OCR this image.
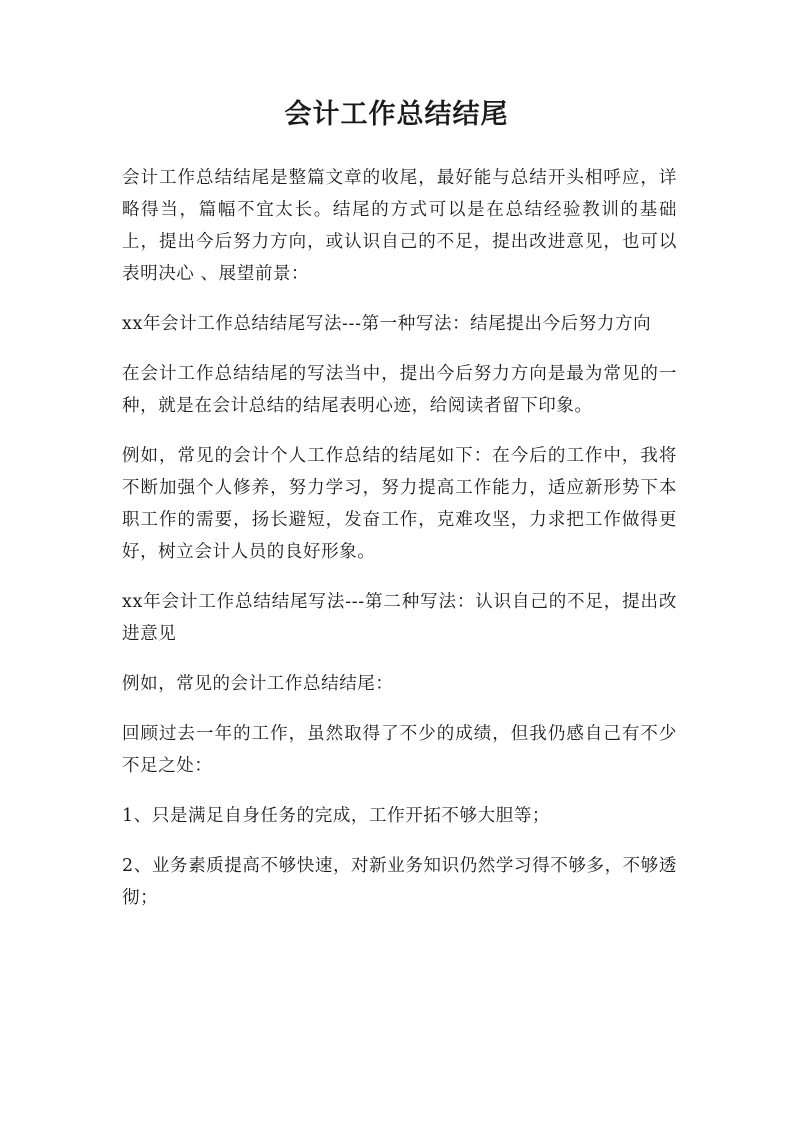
会计工作总结结尾

会计工作总结结尾是整篇文章的收尾，最好能与总结开头相呼应，详略得当，篇幅不宜太长。结尾的方式可以是在总结经验教训的基础上，提出今后努力方向，或认识自己的不足，提出改进意见，也可以表明决心 、展望前景：

xx年会计工作总结结尾写法---第一种写法：结尾提出今后努力方向

在会计工作总结结尾的写法当中，提出今后努力方向是最为常见的一种，就是在会计总结的结尾表明心迹，给阅读者留下印象。

例如，常见的会计个人工作总结的结尾如下：在今后的工作中，我将不断加强个人修养，努力学习，努力提高工作能力，适应新形势下本职工作的需要，扬长避短，发奋工作，克难攻坚，力求把工作做得更好，树立会计人员的良好形象。

xx年会计工作总结结尾写法---第二种写法：认识自己的不足，提出改进意见

例如，常见的会计工作总结结尾：

回顾过去一年的工作，虽然取得了不少的成绩，但我仍感自己有不少不足之处：

1、只是满足自身任务的完成，工作开拓不够大胆等；

2、业务素质提高不够快速，对新业务知识仍然学习得不够多，不够透彻；
